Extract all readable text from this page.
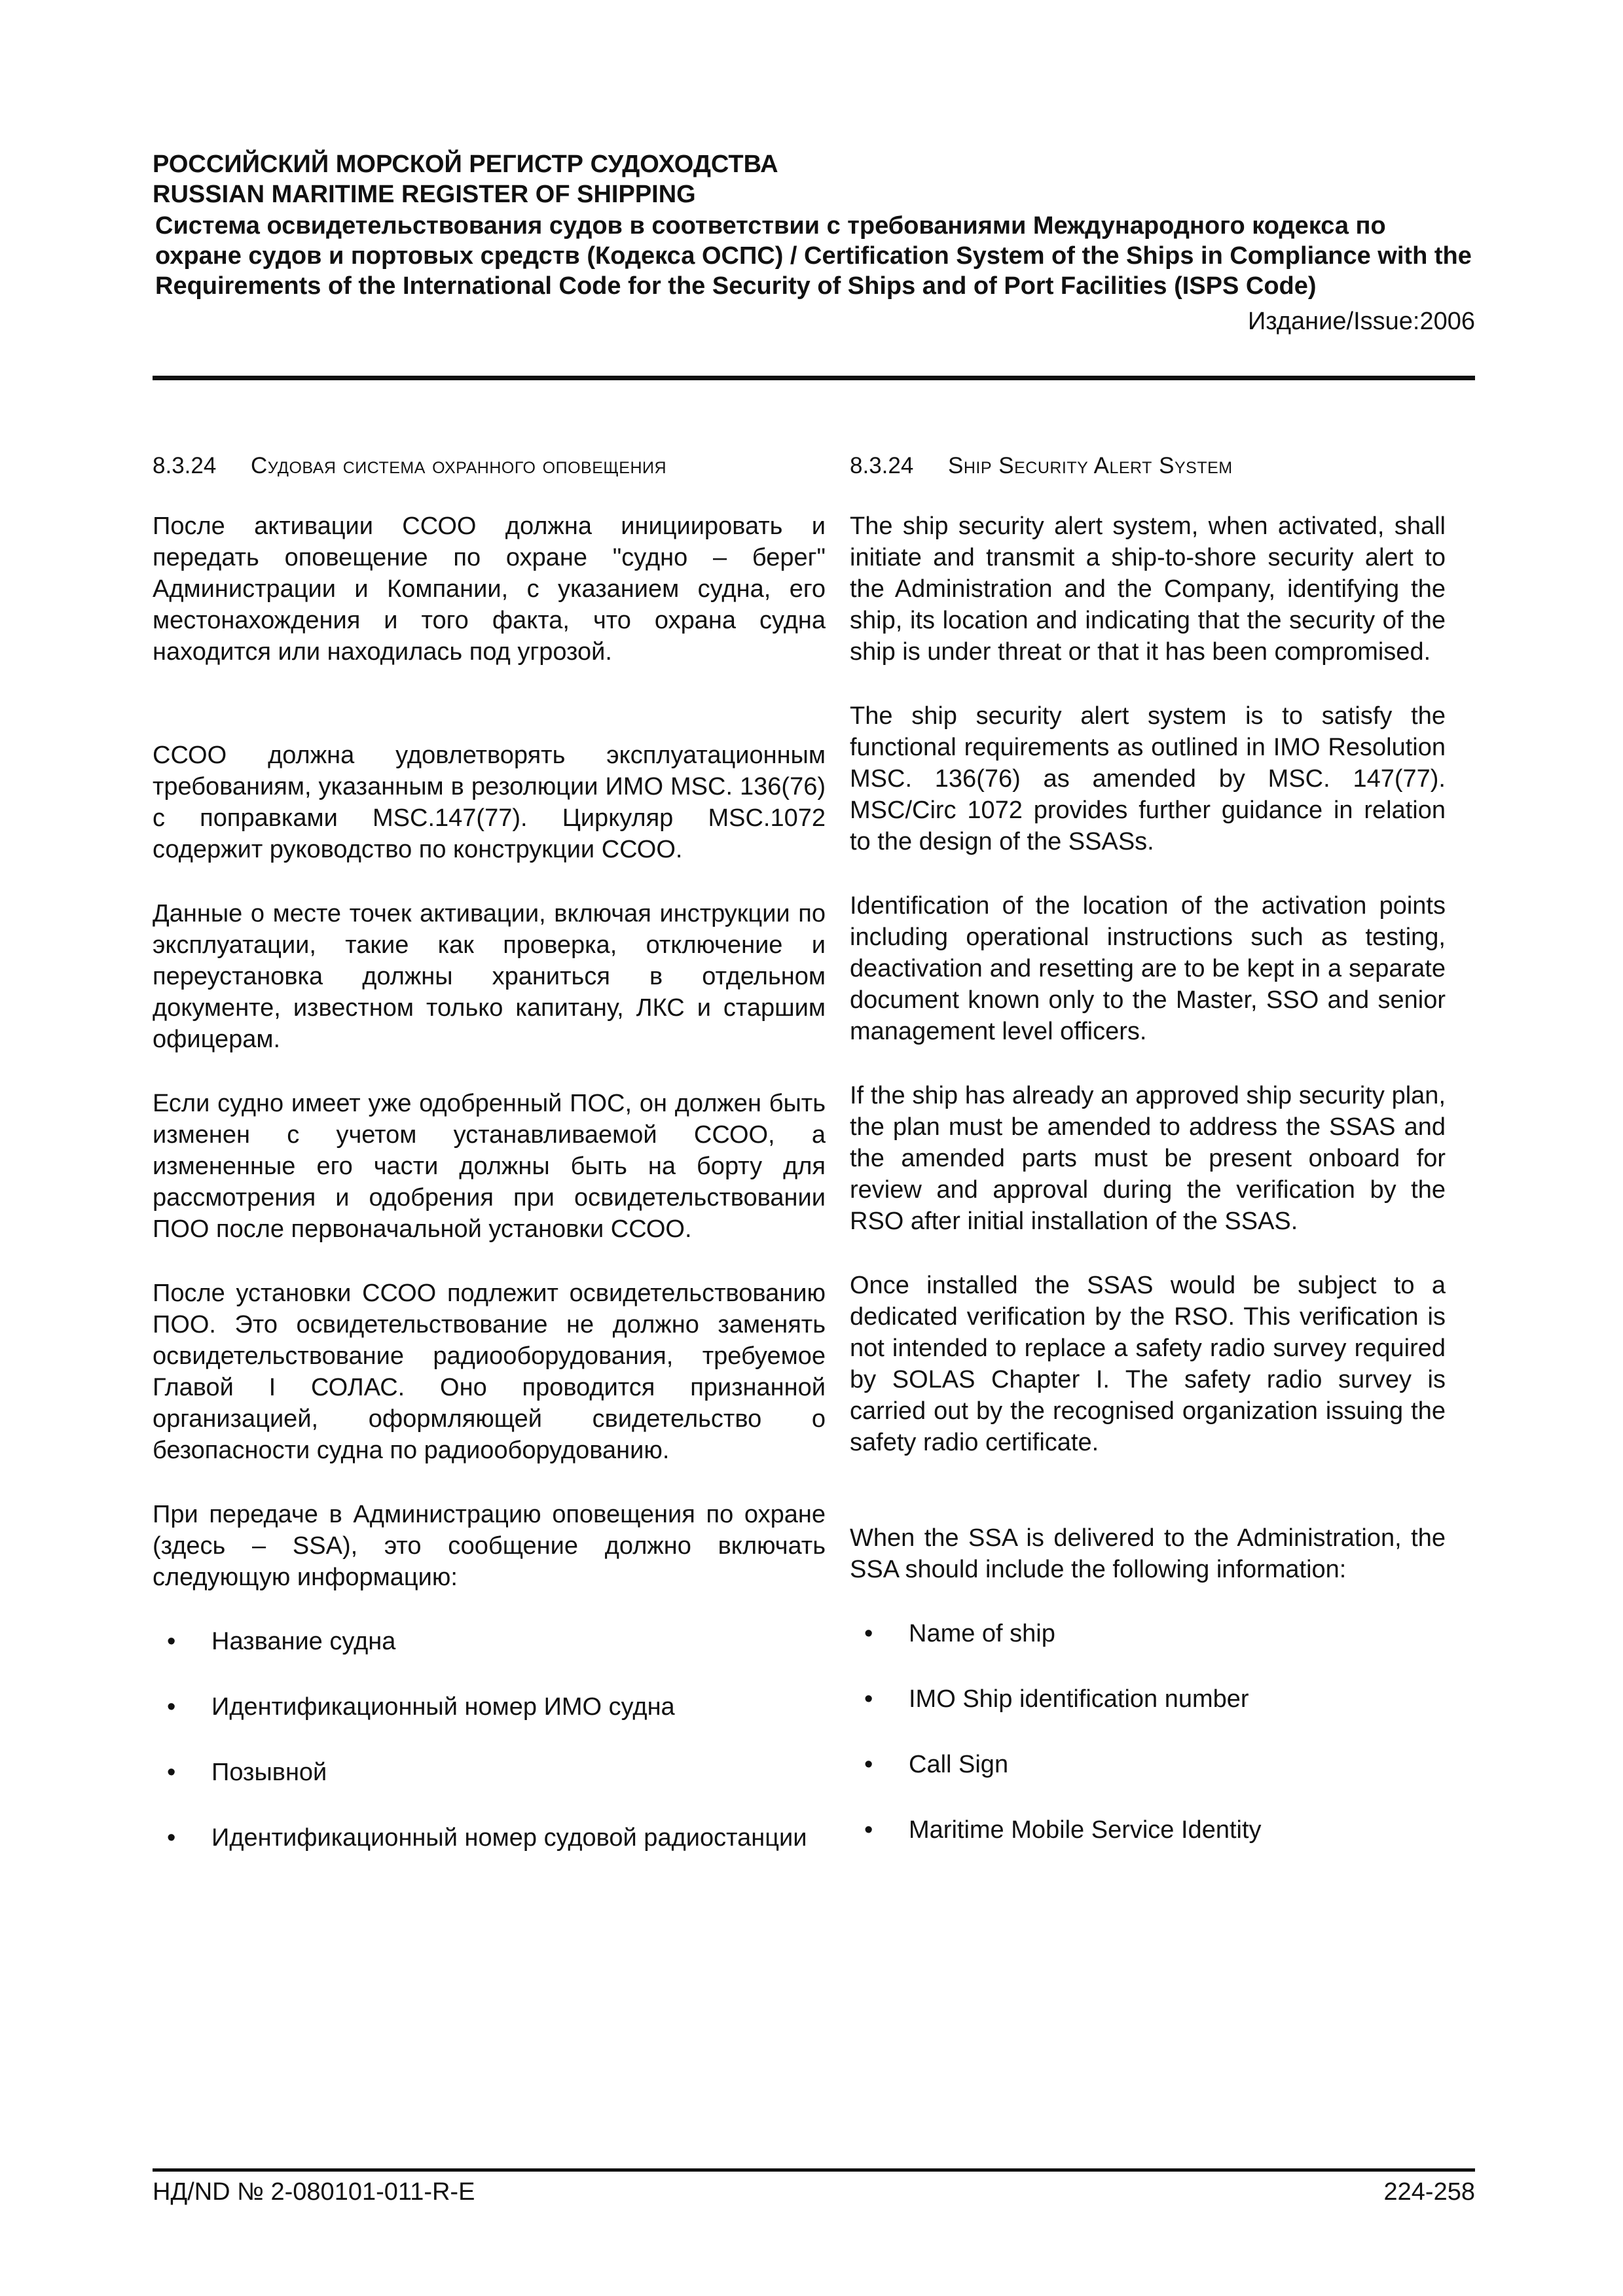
РОССИЙСКИЙ МОРСКОЙ РЕГИСТР СУДОХОДСТВА
RUSSIAN MARITIME REGISTER OF SHIPPING
Система освидетельствования судов в соответствии с требованиями Международного кодекса по охране судов и портовых средств (Кодекса ОСПС) / Certification System of the Ships in Compliance with the Requirements of the International Code for the Security of Ships and of Port Facilities (ISPS Code)
Издание/Issue:2006
8.3.24	Судовая система охранного оповещения

После активации ССОО должна инициировать и передать оповещение по охране "судно – берег" Администрации и Компании, с указанием судна, его местонахождения и того факта, что охрана судна находится или находилась под угрозой.

ССОО должна удовлетворять эксплуатационным требованиям, указанным в резолюции ИМО MSC. 136(76) с поправками MSC.147(77). Циркуляр MSC.1072 содержит руководство по конструкции ССОО.

Данные о месте точек активации, включая инструкции по эксплуатации, такие как проверка, отключение и переустановка должны храниться в отдельном документе, известном только капитану, ЛКС и старшим офицерам.

Если судно имеет уже одобренный ПОС, он должен быть изменен с учетом устанавливаемой ССОО, а измененные его части должны быть на борту для рассмотрения и одобрения при освидетельствовании ПОО после первоначальной установки ССОО.

После установки ССОО подлежит освидетельствованию ПОО. Это освидетельствование не должно заменять освидетельствование радиооборудования, требуемое Главой I СОЛАС. Оно проводится признанной организацией, оформляющей свидетельство о безопасности судна по радиооборудованию.

При передаче в Администрацию оповещения по охране (здесь – SSA), это сообщение должно включать следующую информацию:

•	Название судна
•	Идентификационный номер ИМО судна
•	Позывной
•	Идентификационный номер судовой радиостанции
8.3.24	Ship Security Alert System

The ship security alert system, when activated, shall initiate and transmit a ship-to-shore security alert to the Administration and the Company, identifying the ship, its location and indicating that the security of the ship is under threat or that it has been compromised.

The ship security alert system is to satisfy the functional requirements as outlined in IMO Resolution MSC. 136(76) as amended by MSC. 147(77). MSC/Circ 1072 provides further guidance in relation to the design of the SSASs.

Identification of the location of the activation points including operational instructions such as testing, deactivation and resetting are to be kept in a separate document known only to the Master, SSO and senior management level officers.

If the ship has already an approved ship security plan, the plan must be amended to address the SSAS and the amended parts must be present onboard for review and approval during the verification by the RSO after initial installation of the SSAS.

Once installed the SSAS would be subject to a dedicated verification by the RSO. This verification is not intended to replace a safety radio survey required by SOLAS Chapter I. The safety radio survey is carried out by the recognised organization issuing the safety radio certificate.

When the SSA is delivered to the Administration, the SSA should include the following information:

•	Name of ship
•	IMO Ship identification number
•	Call Sign
•	Maritime Mobile Service Identity
НД/ND № 2-080101-011-R-E	224-258
